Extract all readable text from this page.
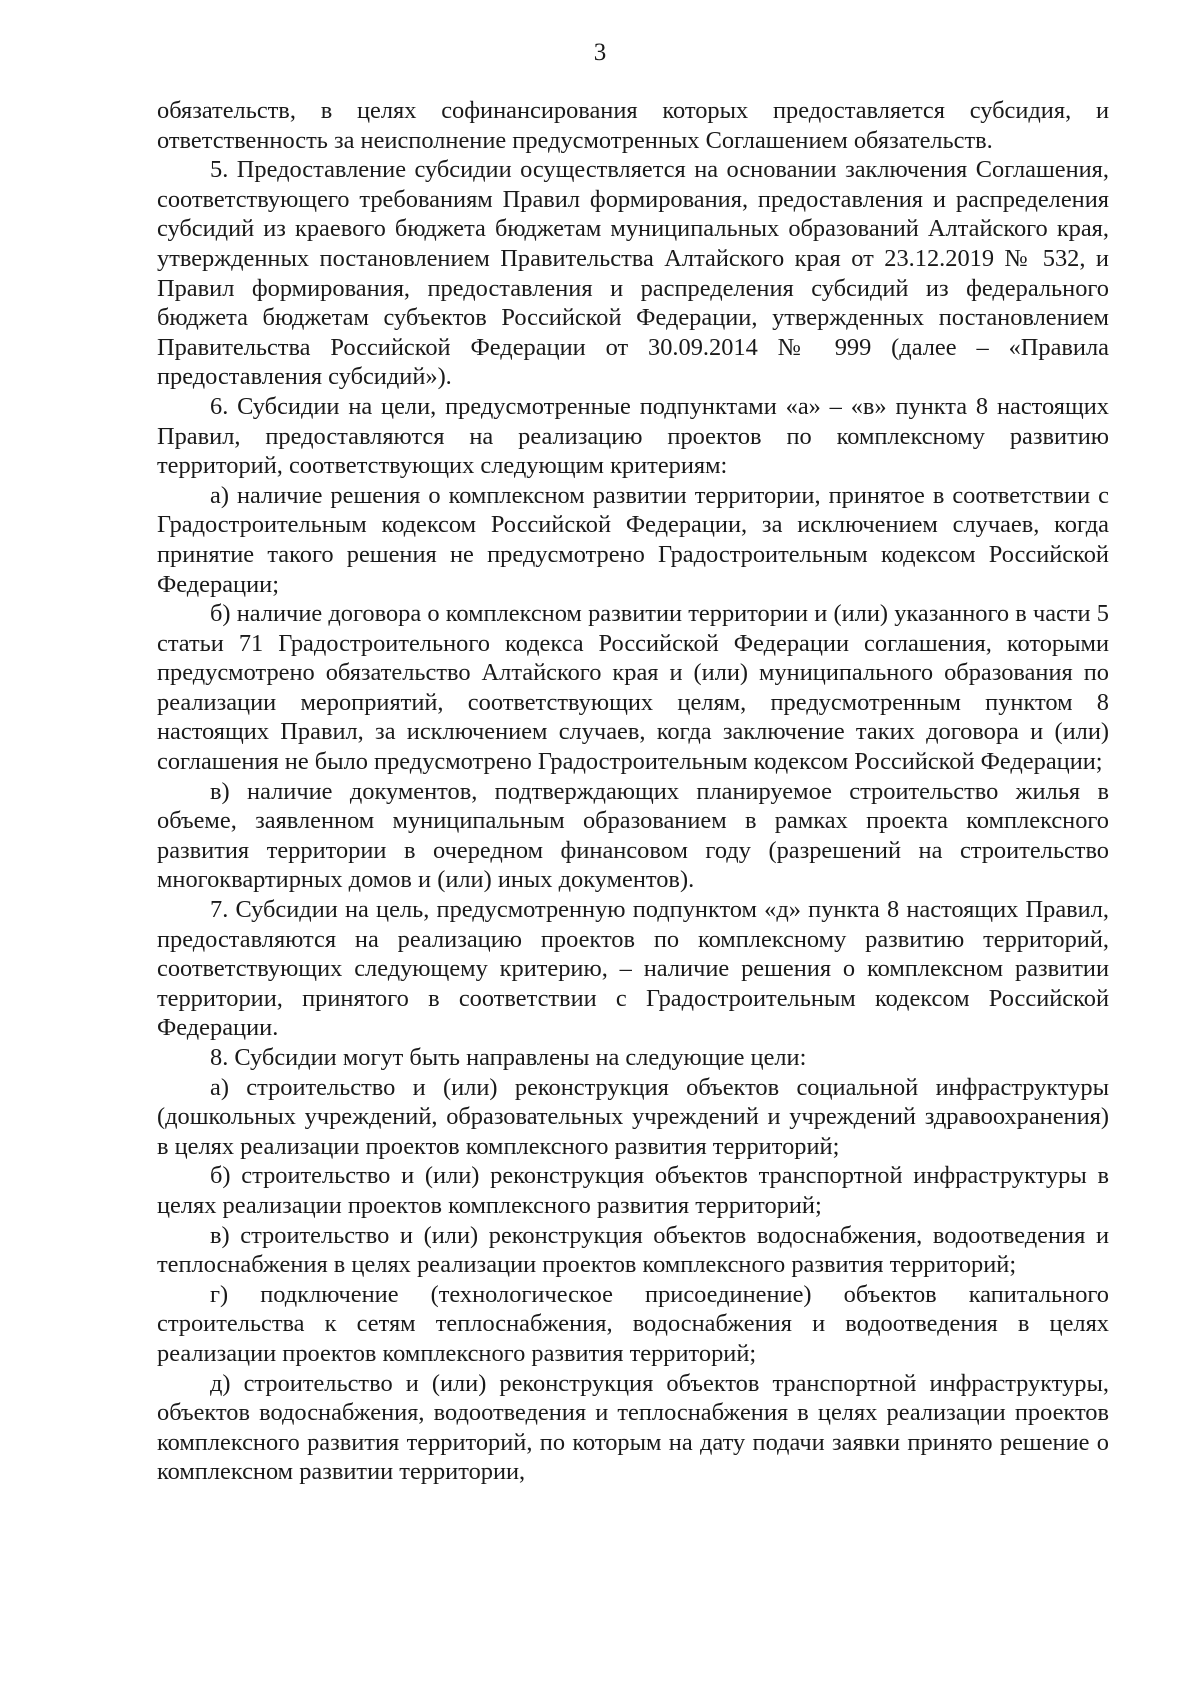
3

обязательств, в целях софинансирования которых предоставляется субсидия, и ответственность за неисполнение предусмотренных Соглашением обязательств.

5. Предоставление субсидии осуществляется на основании заключения Соглашения, соответствующего требованиям Правил формирования, предоставления и распределения субсидий из краевого бюджета бюджетам муниципальных образований Алтайского края, утвержденных постановлением Правительства Алтайского края от 23.12.2019 № 532, и Правил формирования, предоставления и распределения субсидий из федерального бюджета бюджетам субъектов Российской Федерации, утвержденных постановлением Правительства Российской Федерации от 30.09.2014 № 999 (далее – «Правила предоставления субсидий»).

6. Субсидии на цели, предусмотренные подпунктами «а» – «в» пункта 8 настоящих Правил, предоставляются на реализацию проектов по комплексному развитию территорий, соответствующих следующим критериям:

а) наличие решения о комплексном развитии территории, принятое в соответствии с Градостроительным кодексом Российской Федерации, за исключением случаев, когда принятие такого решения не предусмотрено Градостроительным кодексом Российской Федерации;

б) наличие договора о комплексном развитии территории и (или) указанного в части 5 статьи 71 Градостроительного кодекса Российской Федерации соглашения, которыми предусмотрено обязательство Алтайского края и (или) муниципального образования по реализации мероприятий, соответствующих целям, предусмотренным пунктом 8 настоящих Правил, за исключением случаев, когда заключение таких договора и (или) соглашения не было предусмотрено Градостроительным кодексом Российской Федерации;

в) наличие документов, подтверждающих планируемое строительство жилья в объеме, заявленном муниципальным образованием в рамках проекта комплексного развития территории в очередном финансовом году (разрешений на строительство многоквартирных домов и (или) иных документов).

7. Субсидии на цель, предусмотренную подпунктом «д» пункта 8 настоящих Правил, предоставляются на реализацию проектов по комплексному развитию территорий, соответствующих следующему критерию, – наличие решения о комплексном развитии территории, принятого в соответствии с Градостроительным кодексом Российской Федерации.

8. Субсидии могут быть направлены на следующие цели:

а) строительство и (или) реконструкция объектов социальной инфраструктуры (дошкольных учреждений, образовательных учреждений и учреждений здравоохранения) в целях реализации проектов комплексного развития территорий;

б) строительство и (или) реконструкция объектов транспортной инфраструктуры в целях реализации проектов комплексного развития территорий;

в) строительство и (или) реконструкция объектов водоснабжения, водоотведения и теплоснабжения в целях реализации проектов комплексного развития территорий;

г) подключение (технологическое присоединение) объектов капитального строительства к сетям теплоснабжения, водоснабжения и водоотведения в целях реализации проектов комплексного развития территорий;

д) строительство и (или) реконструкция объектов транспортной инфраструктуры, объектов водоснабжения, водоотведения и теплоснабжения в целях реализации проектов комплексного развития территорий, по которым на дату подачи заявки принято решение о комплексном развитии территории,
